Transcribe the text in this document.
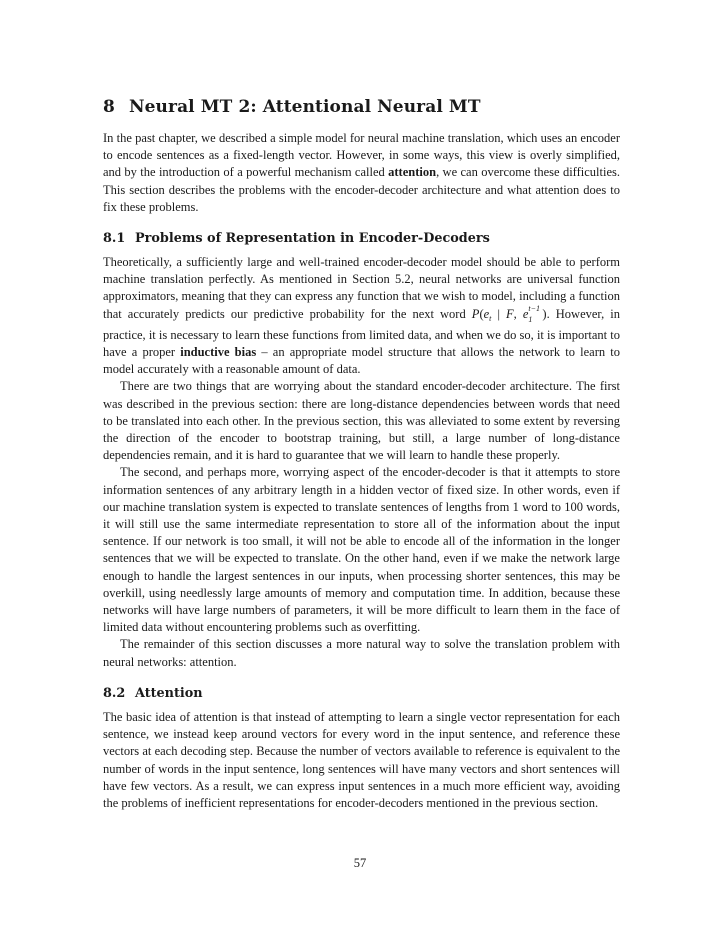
8 Neural MT 2: Attentional Neural MT

In the past chapter, we described a simple model for neural machine translation, which uses an encoder to encode sentences as a fixed-length vector. However, in some ways, this view is overly simplified, and by the introduction of a powerful mechanism called attention, we can overcome these difficulties. This section describes the problems with the encoder-decoder architecture and what attention does to fix these problems.

8.1 Problems of Representation in Encoder-Decoders

Theoretically, a sufficiently large and well-trained encoder-decoder model should be able to perform machine translation perfectly. As mentioned in Section 5.2, neural networks are universal function approximators, meaning that they can express any function that we wish to model, including a function that accurately predicts our predictive probability for the next word $P(e_t$ | F, e t−1
1 ). However, in practice, it is necessary to learn these functions from limited data, and when we do so, it is important to have a proper inductive bias – an appropriate model structure that allows the network to learn to model accurately with a reasonable amount of data.

There are two things that are worrying about the standard encoder-decoder architecture. The first was described in the previous section: there are long-distance dependencies between words that need to be translated into each other. In the previous section, this was alleviated to some extent by reversing the direction of the encoder to bootstrap training, but still, a large number of long-distance dependencies remain, and it is hard to guarantee that we will learn to handle these properly.

The second, and perhaps more, worrying aspect of the encoder-decoder is that it attempts to store information sentences of any arbitrary length in a hidden vector of fixed size. In other words, even if our machine translation system is expected to translate sentences of lengths from 1 word to 100 words, it will still use the same intermediate representation to store all of the information about the input sentence. If our network is too small, it will not be able to encode all of the information in the longer sentences that we will be expected to translate. On the other hand, even if we make the network large enough to handle the largest sentences in our inputs, when processing shorter sentences, this may be overkill, using needlessly large amounts of memory and computation time. In addition, because these networks will have large numbers of parameters, it will be more difficult to learn them in the face of limited data without encountering problems such as overfitting.

The remainder of this section discusses a more natural way to solve the translation problem with neural networks: attention.

8.2 Attention

The basic idea of attention is that instead of attempting to learn a single vector representation for each sentence, we instead keep around vectors for every word in the input sentence, and reference these vectors at each decoding step. Because the number of vectors available to reference is equivalent to the number of words in the input sentence, long sentences will have many vectors and short sentences will have few vectors. As a result, we can express input sentences in a much more efficient way, avoiding the problems of inefficient representations for encoder-decoders mentioned in the previous section.

57
